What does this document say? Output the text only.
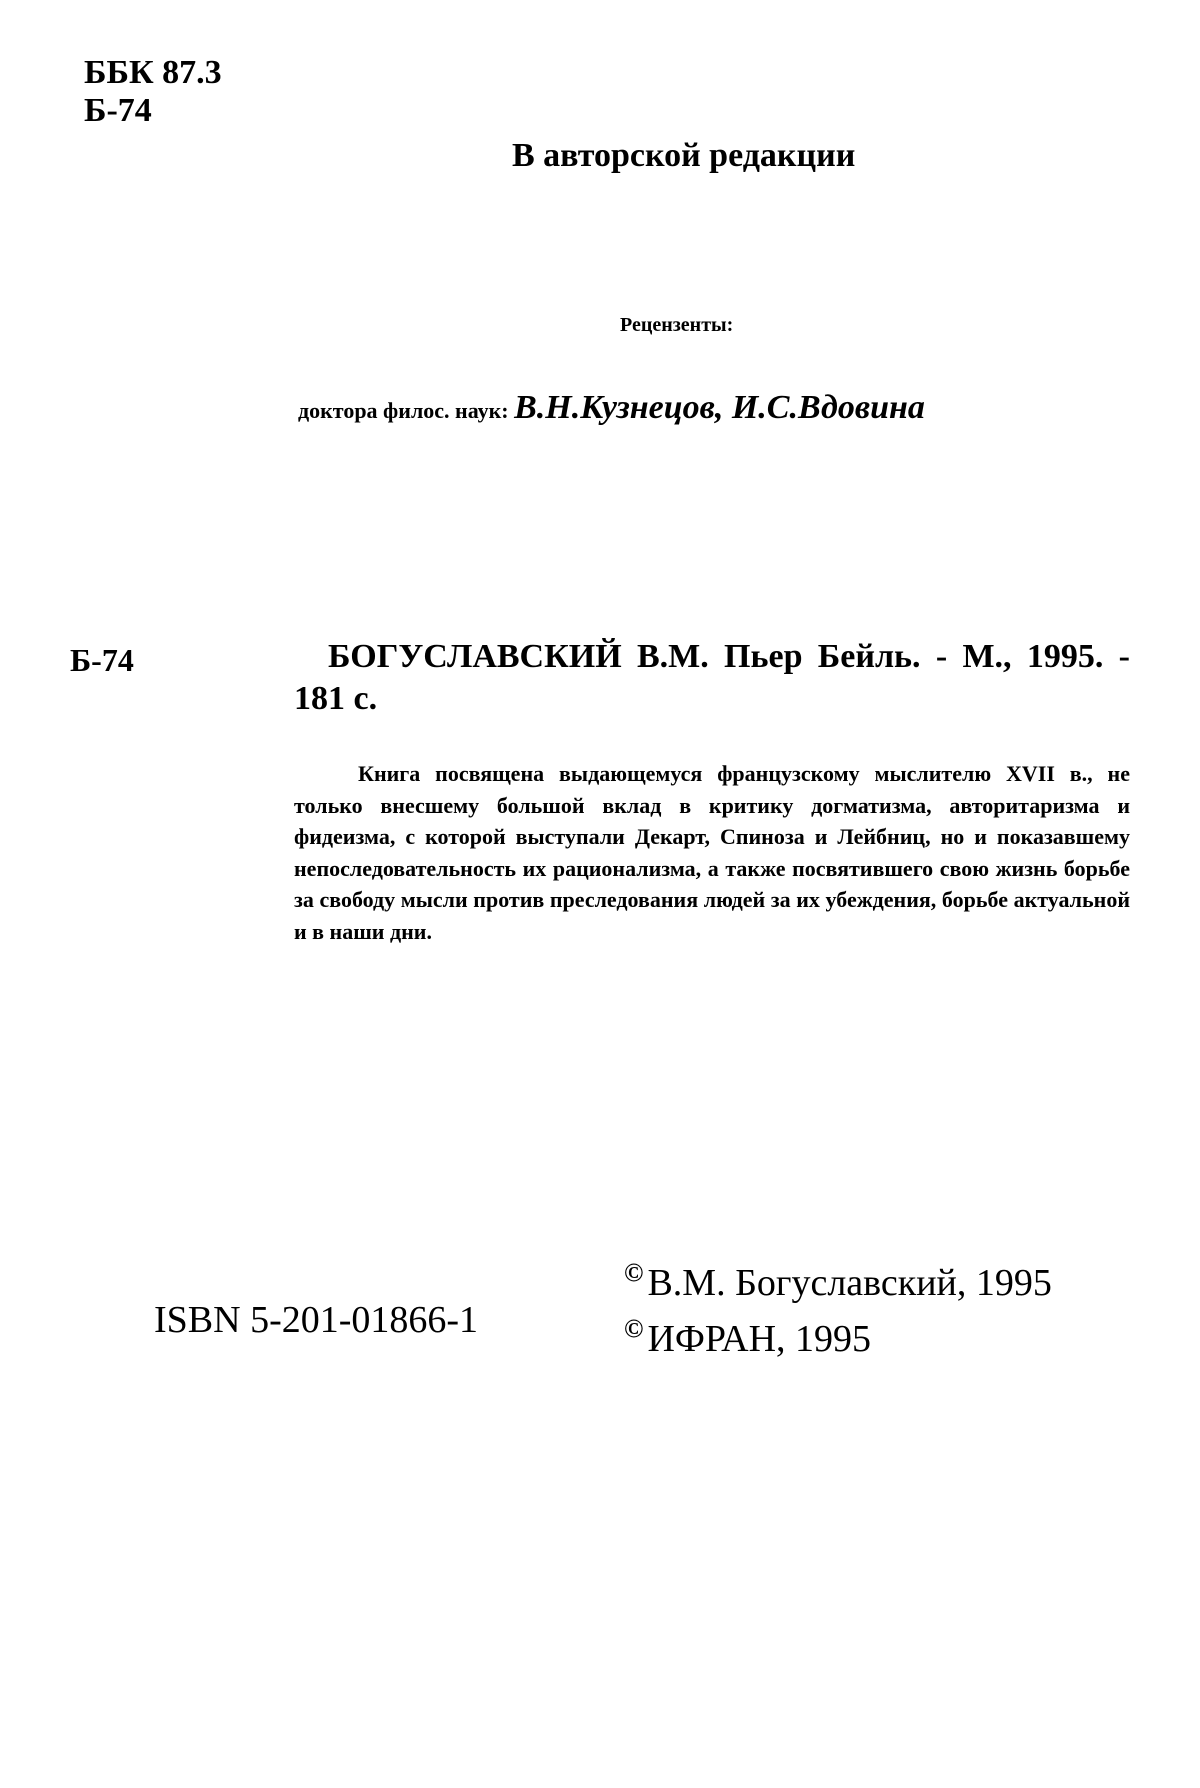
ББК 87.3
Б-74
В авторской редакции
Рецензенты:
доктора филос. наук: В.Н.Кузнецов, И.С.Вдовина
Б-74	БОГУСЛАВСКИЙ В.М. Пьер Бейль. - М., 1995. - 181 с.
Книга посвящена выдающемуся французскому мыслителю XVII в., не только внесшему большой вклад в критику догматизма, авторитаризма и фидеизма, с которой выступали Декарт, Спиноза и Лейбниц, но и показавшему непоследовательность их рационализма, а также посвятившего свою жизнь борьбе за свободу мысли против преследования людей за их убеждения, борьбе актуальной и в наши дни.
ISBN 5-201-01866-1
© В.М. Богуславский, 1995
© ИФРАН, 1995
